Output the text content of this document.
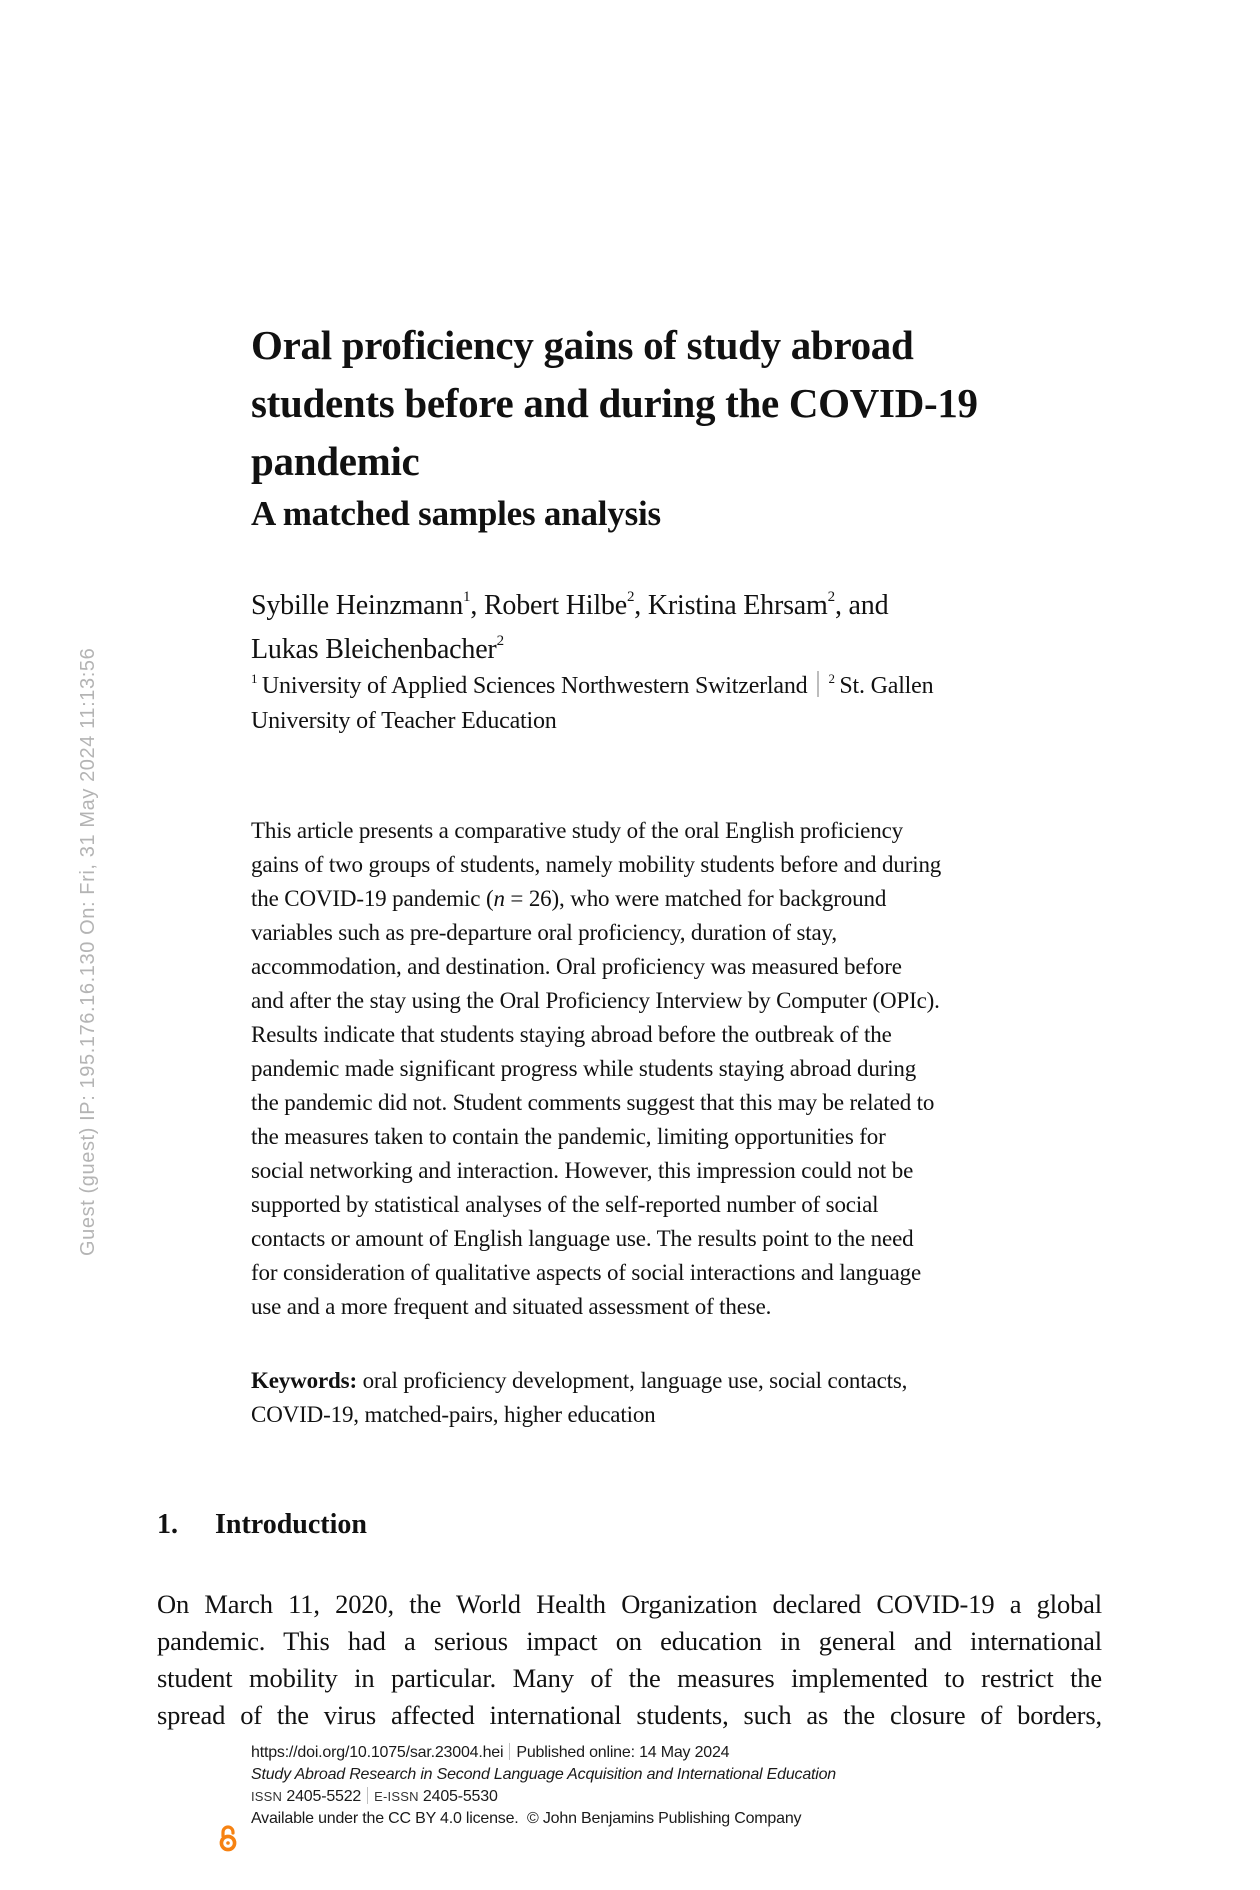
Guest (guest) IP: 195.176.16.130 On: Fri, 31 May 2024 11:13:56
Oral proficiency gains of study abroad
students before and during the COVID-19
pandemic
A matched samples analysis
Sybille Heinzmann$^1$, Robert Hilbe$^2$, Kristina Ehrsam$^2$, and
Lukas Bleichenbacher$^2$
$^1$  University of Applied Sciences Northwestern Switzerland $^2$  St. Gallen
University of Teacher Education
This article presents a comparative study of the oral English proficiency
gains of two groups of students, namely mobility students before and during
the COVID-19 pandemic (n = 26), who were matched for background
variables such as pre-departure oral proficiency, duration of stay,
accommodation, and destination. Oral proficiency was measured before
and after the stay using the Oral Proficiency Interview by Computer (OPIc).
Results indicate that students staying abroad before the outbreak of the
pandemic made significant progress while students staying abroad during
the pandemic did not. Student comments suggest that this may be related to
the measures taken to contain the pandemic, limiting opportunities for
social networking and interaction. However, this impression could not be
supported by statistical analyses of the self-reported number of social
contacts or amount of English language use. The results point to the need
for consideration of qualitative aspects of social interactions and language
use and a more frequent and situated assessment of these.
Keywords: oral proficiency development, language use, social contacts,
COVID-19, matched-pairs, higher education
1. Introduction
On March 11, 2020, the World Health Organization declared COVID-19 a global
pandemic. This had a serious impact on education in general and international
student mobility in particular. Many of the measures implemented to restrict the
spread of the virus affected international students, such as the closure of borders,
https://doi.org/10.1075/sar.23004.hei Published online: 14 May 2024
Study Abroad Research in Second Language Acquisition and International Education
ISSN 2405-5522 E-ISSN 2405-5530
Available under the CC BY 4.0 license. © John Benjamins Publishing Company
